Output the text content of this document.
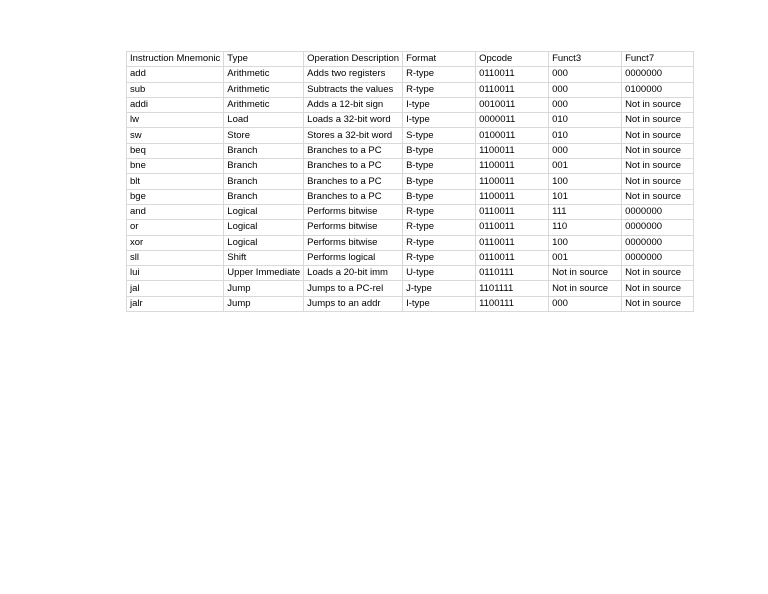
Instruction Mnemonic	Type	Operation Description	Format	Opcode	Funct3	Funct7
add	Arithmetic	Adds two registers	R-type	0110011	000	0000000
sub	Arithmetic	Subtracts the values	R-type	0110011	000	0100000
addi	Arithmetic	Adds a 12-bit sign	I-type	0010011	000	Not in source
lw	Load	Loads a 32-bit word	I-type	0000011	010	Not in source
sw	Store	Stores a 32-bit word	S-type	0100011	010	Not in source
beq	Branch	Branches to a PC	B-type	1100011	000	Not in source
bne	Branch	Branches to a PC	B-type	1100011	001	Not in source
blt	Branch	Branches to a PC	B-type	1100011	100	Not in source
bge	Branch	Branches to a PC	B-type	1100011	101	Not in source
and	Logical	Performs bitwise	R-type	0110011	111	0000000
or	Logical	Performs bitwise	R-type	0110011	110	0000000
xor	Logical	Performs bitwise	R-type	0110011	100	0000000
sll	Shift	Performs logical	R-type	0110011	001	0000000
lui	Upper Immediate	Loads a 20-bit imm	U-type	0110111	Not in source	Not in source
jal	Jump	Jumps to a PC-rel	J-type	1101111	Not in source	Not in source
jalr	Jump	Jumps to an addr	I-type	1100111	000	Not in source
